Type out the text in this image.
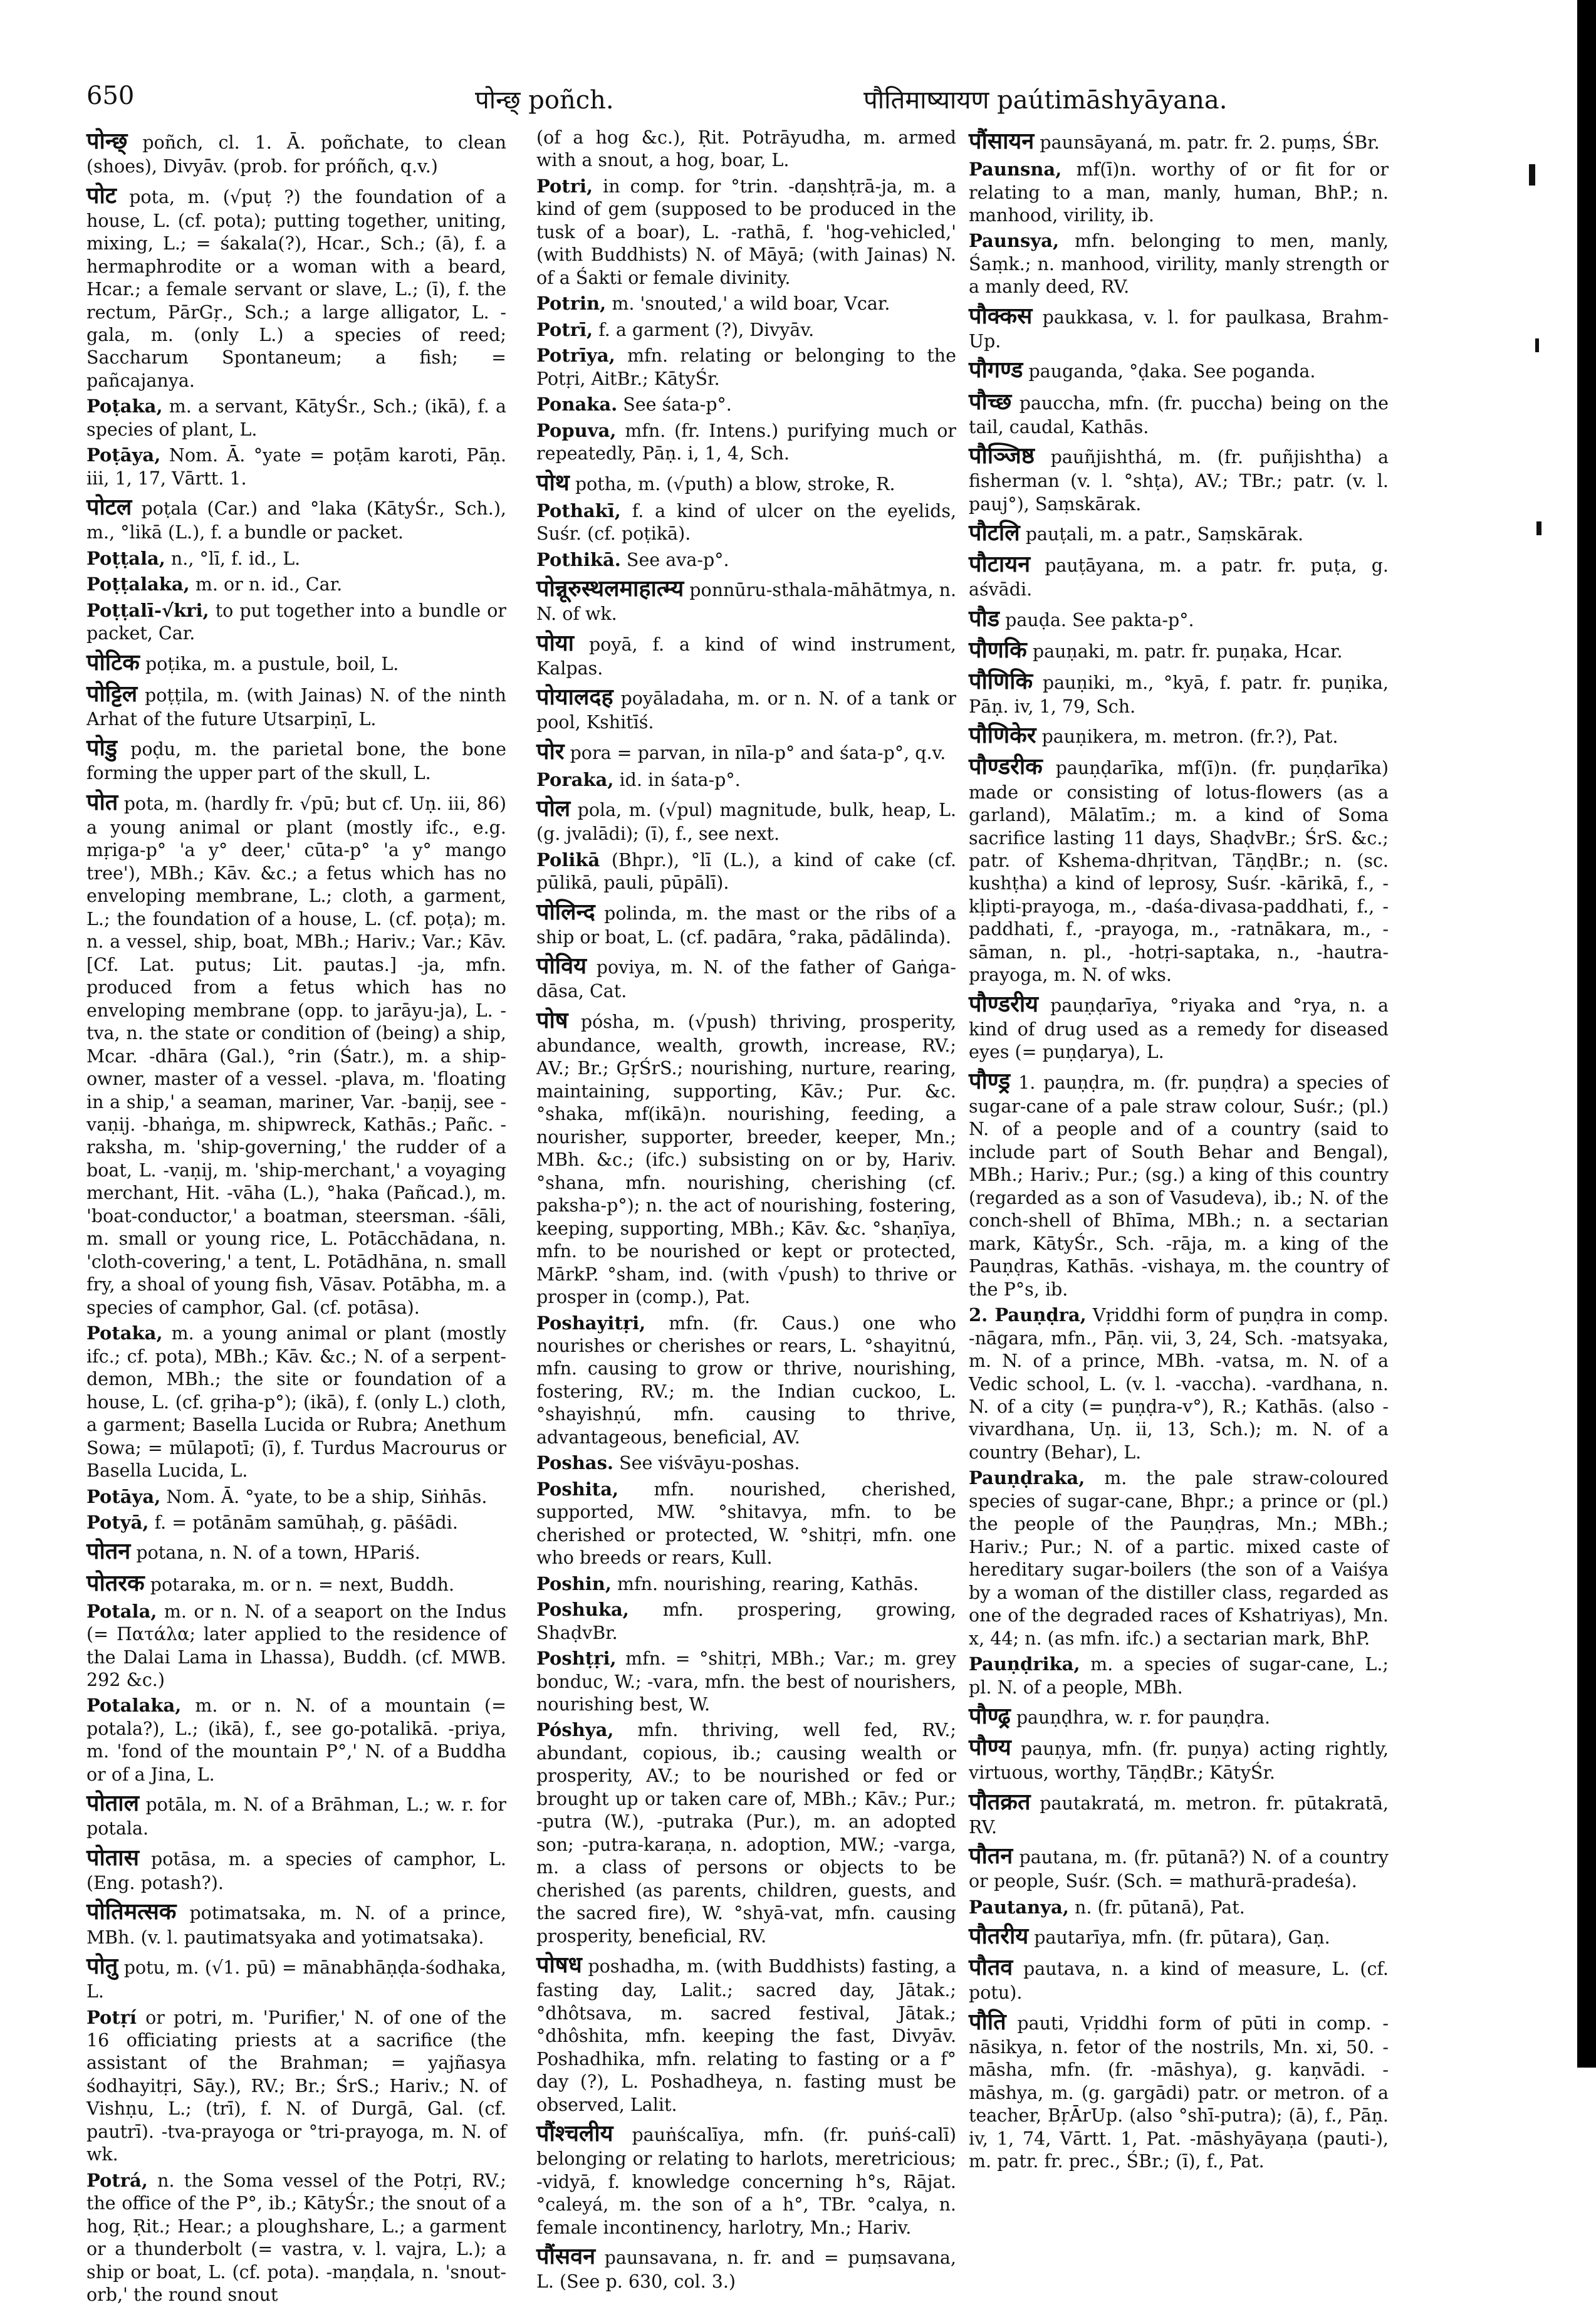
650	पोन्छ् poñch.	पौतिमाष्यायण paútimāshyāyana.

पोन्छ् poñch, cl. 1. Ā. poñchate, to clean (shoes), Divyāv. (prob. for próñch, q.v.)

पोट pota, m. (√puṭ ?) the foundation of a house, L. (cf. pota); putting together, uniting, mixing, L.; = śakala(?), Hcar., Sch.; (ā), f. a hermaphrodite or a woman with a beard, Hcar.; a female servant or slave, L.; (ī), f. the rectum, PārGṛ., Sch.; a large alligator, L. -gala, m. (only L.) a species of reed; Saccharum Spontaneum; a fish; = pañcajanya.

Poṭaka, m. a servant, KātyŚr., Sch.; (ikā), f. a species of plant, L.

Poṭāya, Nom. Ā. °yate = poṭām karoti, Pāṇ. iii, 1, 17, Vārtt. 1.

पोटल poṭala (Car.) and °laka (KātyŚr., Sch.), m., °likā (L.), f. a bundle or packet.

Poṭṭala, n., °lī, f. id., L.

Poṭṭalaka, m. or n. id., Car.

Poṭṭalī-√kri, to put together into a bundle or packet, Car.

पोटिक poṭika, m. a pustule, boil, L.

पोट्टिल poṭṭila, m. (with Jainas) N. of the ninth Arhat of the future Utsarpiṇī, L.

पोडु poḍu, m. the parietal bone, the bone forming the upper part of the skull, L.

पोत pota, m. (hardly fr. √pū; but cf. Uṇ. iii, 86) a young animal or plant (mostly ifc., e.g. mṛiga-p° 'a y° deer,' cūta-p° 'a y° mango tree'), MBh.; Kāv. &c.; a fetus which has no enveloping membrane, L.; cloth, a garment, L.; the foundation of a house, L. (cf. poṭa); m. n. a vessel, ship, boat, MBh.; Hariv.; Var.; Kāv. [Cf. Lat. putus; Lit. pautas.] -ja, mfn. produced from a fetus which has no enveloping membrane (opp. to jarāyu-ja), L. -tva, n. the state or condition of (being) a ship, Mcar. -dhāra (Gal.), °rin (Śatr.), m. a ship-owner, master of a vessel. -plava, m. 'floating in a ship,' a seaman, mariner, Var. -baṇij, see -vaṇij. -bhaṅga, m. shipwreck, Kathās.; Pañc. -raksha, m. 'ship-governing,' the rudder of a boat, L. -vaṇij, m. 'ship-merchant,' a voyaging merchant, Hit. -vāha (L.), °haka (Pañcad.), m. 'boat-conductor,' a boatman, steersman. -śāli, m. small or young rice, L. Potācchādana, n. 'cloth-covering,' a tent, L. Potādhāna, n. small fry, a shoal of young fish, Vāsav. Potābha, m. a species of camphor, Gal. (cf. potāsa).

Potaka, m. a young animal or plant (mostly ifc.; cf. pota), MBh.; Kāv. &c.; N. of a serpent-demon, MBh.; the site or foundation of a house, L. (cf. gṛiha-p°); (ikā), f. (only L.) cloth, a garment; Basella Lucida or Rubra; Anethum Sowa; = mūlapotī; (ī), f. Turdus Macrourus or Basella Lucida, L.

Potāya, Nom. Ā. °yate, to be a ship, Siṅhās.

Potyā, f. = potānām samūhaḥ, g. pāśādi.

पोतन potana, n. N. of a town, HPariś.

पोतरक potaraka, m. or n. = next, Buddh.

Potala, m. or n. N. of a seaport on the Indus (= Πατάλα; later applied to the residence of the Dalai Lama in Lhassa), Buddh. (cf. MWB. 292 &c.)

Potalaka, m. or n. N. of a mountain (= potala?), L.; (ikā), f., see go-potalikā. -priya, m. 'fond of the mountain P°,' N. of a Buddha or of a Jina, L.

पोताल potāla, m. N. of a Brāhman, L.; w. r. for potala.

पोतास potāsa, m. a species of camphor, L. (Eng. potash?).

पोतिमत्सक potimatsaka, m. N. of a prince, MBh. (v. l. pautimatsyaka and yotimatsaka).

पोतु potu, m. (√1. pū) = mānabhāṇḍa-śodhaka, L.

Potṛí or potri, m. 'Purifier,' N. of one of the 16 officiating priests at a sacrifice (the assistant of the Brahman; = yajñasya śodhayitṛi, Sāy.), RV.; Br.; ŚrS.; Hariv.; N. of Vishṇu, L.; (trī), f. N. of Durgā, Gal. (cf. pautrī). -tva-prayoga or °tri-prayoga, m. N. of wk.

Potrá, n. the Soma vessel of the Potṛi, RV.; the office of the P°, ib.; KātyŚr.; the snout of a hog, Ṛit.; Hear.; a ploughshare, L.; a garment or a thunderbolt (= vastra, v. l. vajra, L.); a ship or boat, L. (cf. pota). -maṇḍala, n. 'snout-orb,' the round snout

(of a hog &c.), Ṛit. Potrāyudha, m. armed with a snout, a hog, boar, L.

Potri, in comp. for °trin. -daṇshṭrā-ja, m. a kind of gem (supposed to be produced in the tusk of a boar), L. -rathā, f. 'hog-vehicled,' (with Buddhists) N. of Māyā; (with Jainas) N. of a Śakti or female divinity.

Potrin, m. 'snouted,' a wild boar, Vcar.

Potrī, f. a garment (?), Divyāv.

Potrīya, mfn. relating or belonging to the Potṛi, AitBr.; KātyŚr.

Ponaka. See śata-p°.

Popuva, mfn. (fr. Intens.) purifying much or repeatedly, Pāṇ. i, 1, 4, Sch.

पोथ potha, m. (√puth) a blow, stroke, R.

Pothakī, f. a kind of ulcer on the eyelids, Suśr. (cf. poṭikā).

Pothikā. See ava-p°.

पोन्नूरुस्थलमाहात्म्य ponnūru-sthala-māhātmya, n. N. of wk.

पोया poyā, f. a kind of wind instrument, Kalpas.

पोयालदह poyāladaha, m. or n. N. of a tank or pool, Kshitīś.

पोर pora = parvan, in nīla-p° and śata-p°, q.v.

Poraka, id. in śata-p°.

पोल pola, m. (√pul) magnitude, bulk, heap, L. (g. jvalādi); (ī), f., see next.

Polikā (Bhpr.), °lī (L.), a kind of cake (cf. pūlikā, pauli, pūpālī).

पोलिन्द polinda, m. the mast or the ribs of a ship or boat, L. (cf. padāra, °raka, pādālinda).

पोविय poviya, m. N. of the father of Gaṅga-dāsa, Cat.

पोष pósha, m. (√push) thriving, prosperity, abundance, wealth, growth, increase, RV.; AV.; Br.; GṛŚrS.; nourishing, nurture, rearing, maintaining, supporting, Kāv.; Pur. &c. °shaka, mf(ikā)n. nourishing, feeding, a nourisher, supporter, breeder, keeper, Mn.; MBh. &c.; (ifc.) subsisting on or by, Hariv. °shana, mfn. nourishing, cherishing (cf. paksha-p°); n. the act of nourishing, fostering, keeping, supporting, MBh.; Kāv. &c. °shaṇīya, mfn. to be nourished or kept or protected, MārkP. °sham, ind. (with √push) to thrive or prosper in (comp.), Pat.

Poshayitṛi, mfn. (fr. Caus.) one who nourishes or cherishes or rears, L. °shayitnú, mfn. causing to grow or thrive, nourishing, fostering, RV.; m. the Indian cuckoo, L. °shayishṇú, mfn. causing to thrive, advantageous, beneficial, AV.

Poshas. See viśvāyu-poshas.

Poshita, mfn. nourished, cherished, supported, MW. °shitavya, mfn. to be cherished or protected, W. °shitṛi, mfn. one who breeds or rears, Kull.

Poshin, mfn. nourishing, rearing, Kathās.

Poshuka, mfn. prospering, growing, ShaḍvBr.

Poshṭṛi, mfn. = °shitṛi, MBh.; Var.; m. grey bonduc, W.; -vara, mfn. the best of nourishers, nourishing best, W.

Póshya, mfn. thriving, well fed, RV.; abundant, copious, ib.; causing wealth or prosperity, AV.; to be nourished or fed or brought up or taken care of, MBh.; Kāv.; Pur.; -putra (W.), -putraka (Pur.), m. an adopted son; -putra-karaṇa, n. adoption, MW.; -varga, m. a class of persons or objects to be cherished (as parents, children, guests, and the sacred fire), W. °shyā-vat, mfn. causing prosperity, beneficial, RV.

पोषध poshadha, m. (with Buddhists) fasting, a fasting day, Lalit.; sacred day, Jātak.; °dhôtsava, m. sacred festival, Jātak.; °dhôshita, mfn. keeping the fast, Divyāv. Poshadhika, mfn. relating to fasting or a f° day (?), L. Poshadheya, n. fasting must be observed, Lalit.

पौंश्चलीय pauṅścalīya, mfn. (fr. puṅś-calī) belonging or relating to harlots, meretricious; -vidyā, f. knowledge concerning h°s, Rājat. °caleyá, m. the son of a h°, TBr. °calya, n. female incontinency, harlotry, Mn.; Hariv.

पौंसवन paunsavana, n. fr. and = puṃsavana, L. (See p. 630, col. 3.)

पौंसायन paunsāyaná, m. patr. fr. 2. puṃs, ŚBr.

Paunsna, mf(ī)n. worthy of or fit for or relating to a man, manly, human, BhP.; n. manhood, virility, ib.

Paunsya, mfn. belonging to men, manly, Śaṃk.; n. manhood, virility, manly strength or a manly deed, RV.

पौक्कस paukkasa, v. l. for paulkasa, Brahm-Up.

पौगण्ड pauganda, °ḍaka. See poganda.

पौच्छ pauccha, mfn. (fr. puccha) being on the tail, caudal, Kathās.

पौञ्जिष्ठ pauñjishthá, m. (fr. puñjishtha) a fisherman (v. l. °shṭa), AV.; TBr.; patr. (v. l. pauj°), Saṃskārak.

पौटलि pauṭali, m. a patr., Saṃskārak.

पौटायन pauṭāyana, m. a patr. fr. puṭa, g. aśvādi.

पौड pauḍa. See pakta-p°.

पौणकि pauṇaki, m. patr. fr. puṇaka, Hcar.

पौणिकि pauṇiki, m., °kyā, f. patr. fr. puṇika, Pāṇ. iv, 1, 79, Sch.

पौणिकेर pauṇikera, m. metron. (fr.?), Pat.

पौण्डरीक pauṇḍarīka, mf(ī)n. (fr. puṇḍarīka) made or consisting of lotus-flowers (as a garland), Mālatīm.; m. a kind of Soma sacrifice lasting 11 days, ShaḍvBr.; ŚrS. &c.; patr. of Kshema-dhṛitvan, TāṇḍBr.; n. (sc. kushṭha) a kind of leprosy, Suśr. -kārikā, f., -kḷipti-prayoga, m., -daśa-divasa-paddhati, f., -paddhati, f., -prayoga, m., -ratnākara, m., -sāman, n. pl., -hotṛi-saptaka, n., -hautra-prayoga, m. N. of wks.

पौण्डरीय pauṇḍarīya, °riyaka and °rya, n. a kind of drug used as a remedy for diseased eyes (= puṇḍarya), L.

पौण्ड्र 1. pauṇḍra, m. (fr. puṇḍra) a species of sugar-cane of a pale straw colour, Suśr.; (pl.) N. of a people and of a country (said to include part of South Behar and Bengal), MBh.; Hariv.; Pur.; (sg.) a king of this country (regarded as a son of Vasudeva), ib.; N. of the conch-shell of Bhīma, MBh.; n. a sectarian mark, KātyŚr., Sch. -rāja, m. a king of the Pauṇḍras, Kathās. -vishaya, m. the country of the P°s, ib.

2. Pauṇḍra, Vṛiddhi form of puṇḍra in comp. -nāgara, mfn., Pāṇ. vii, 3, 24, Sch. -matsyaka, m. N. of a prince, MBh. -vatsa, m. N. of a Vedic school, L. (v. l. -vaccha). -vardhana, n. N. of a city (= puṇḍra-v°), R.; Kathās. (also -vivardhana, Uṇ. ii, 13, Sch.); m. N. of a country (Behar), L.

Pauṇḍraka, m. the pale straw-coloured species of sugar-cane, Bhpr.; a prince or (pl.) the people of the Pauṇḍras, Mn.; MBh.; Hariv.; Pur.; N. of a partic. mixed caste of hereditary sugar-boilers (the son of a Vaiśya by a woman of the distiller class, regarded as one of the degraded races of Kshatriyas), Mn. x, 44; n. (as mfn. ifc.) a sectarian mark, BhP.

Pauṇḍrika, m. a species of sugar-cane, L.; pl. N. of a people, MBh.

पौण्ढ्र pauṇḍhra, w. r. for pauṇḍra.

पौण्य pauṇya, mfn. (fr. puṇya) acting rightly, virtuous, worthy, TāṇḍBr.; KātyŚr.

पौतक्रत pautakratá, m. metron. fr. pūtakratā, RV.

पौतन pautana, m. (fr. pūtanā?) N. of a country or people, Suśr. (Sch. = mathurā-pradeśa).

Pautanya, n. (fr. pūtanā), Pat.

पौतरीय pautarīya, mfn. (fr. pūtara), Gaṇ.

पौतव pautava, n. a kind of measure, L. (cf. potu).

पौति pauti, Vṛiddhi form of pūti in comp. -nāsikya, n. fetor of the nostrils, Mn. xi, 50. -māsha, mfn. (fr. -māshya), g. kaṇvādi. -māshya, m. (g. gargādi) patr. or metron. of a teacher, BṛĀrUp. (also °shī-putra); (ā), f., Pāṇ. iv, 1, 74, Vārtt. 1, Pat. -māshyāyaṇa (pauti-), m. patr. fr. prec., ŚBr.; (ī), f., Pat.
